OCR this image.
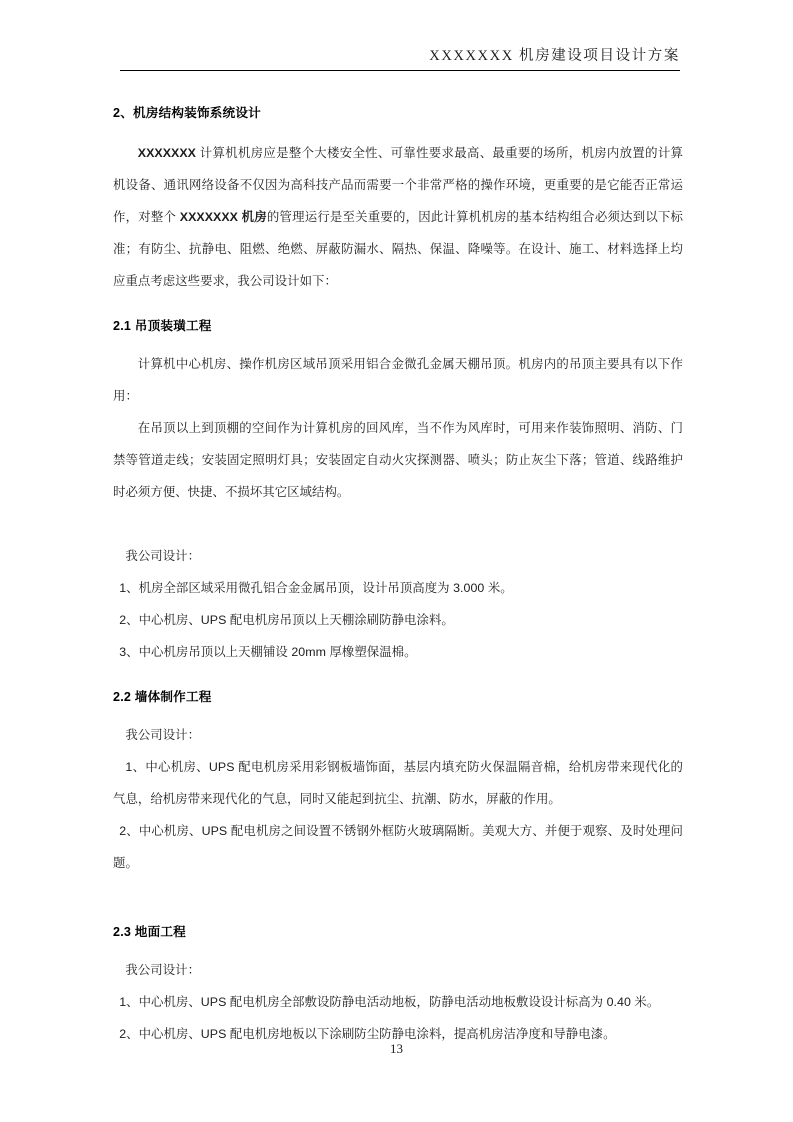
XXXXXXX 机房建设项目设计方案
2、机房结构装饰系统设计

XXXXXXX 计算机机房应是整个大楼安全性、可靠性要求最高、最重要的场所，机房内放置的计算机设备、通讯网络设备不仅因为高科技产品而需要一个非常严格的操作环境，更重要的是它能否正常运作，对整个 XXXXXXX 机房的管理运行是至关重要的，因此计算机机房的基本结构组合必须达到以下标准；有防尘、抗静电、阻燃、绝燃、屏蔽防漏水、隔热、保温、降噪等。在设计、施工、材料选择上均应重点考虑这些要求，我公司设计如下：

2.1 吊顶装璜工程

计算机中心机房、操作机房区域吊顶采用铝合金微孔金属天棚吊顶。机房内的吊顶主要具有以下作用：

在吊顶以上到顶棚的空间作为计算机房的回风库，当不作为风库时，可用来作装饰照明、消防、门禁等管道走线；安装固定照明灯具；安装固定自动火灾探测器、喷头；防止灰尘下落；管道、线路维护时必须方便、快捷、不损坏其它区域结构。

我公司设计：

1、机房全部区域采用微孔铝合金金属吊顶，设计吊顶高度为 3.000 米。

2、中心机房、UPS 配电机房吊顶以上天棚涂刷防静电涂料。

3、中心机房吊顶以上天棚铺设 20mm 厚橡塑保温棉。

2.2 墙体制作工程

我公司设计：

1、中心机房、UPS 配电机房采用彩钢板墙饰面，基层内填充防火保温隔音棉，给机房带来现代化的气息，给机房带来现代化的气息，同时又能起到抗尘、抗潮、防水，屏蔽的作用。

2、中心机房、UPS 配电机房之间设置不锈钢外框防火玻璃隔断。美观大方、并便于观察、及时处理问题。

2.3 地面工程

我公司设计：

1、中心机房、UPS 配电机房全部敷设防静电活动地板，防静电活动地板敷设设计标高为 0.40 米。

2、中心机房、UPS 配电机房地板以下涂刷防尘防静电涂料，提高机房洁净度和导静电漆。

13
